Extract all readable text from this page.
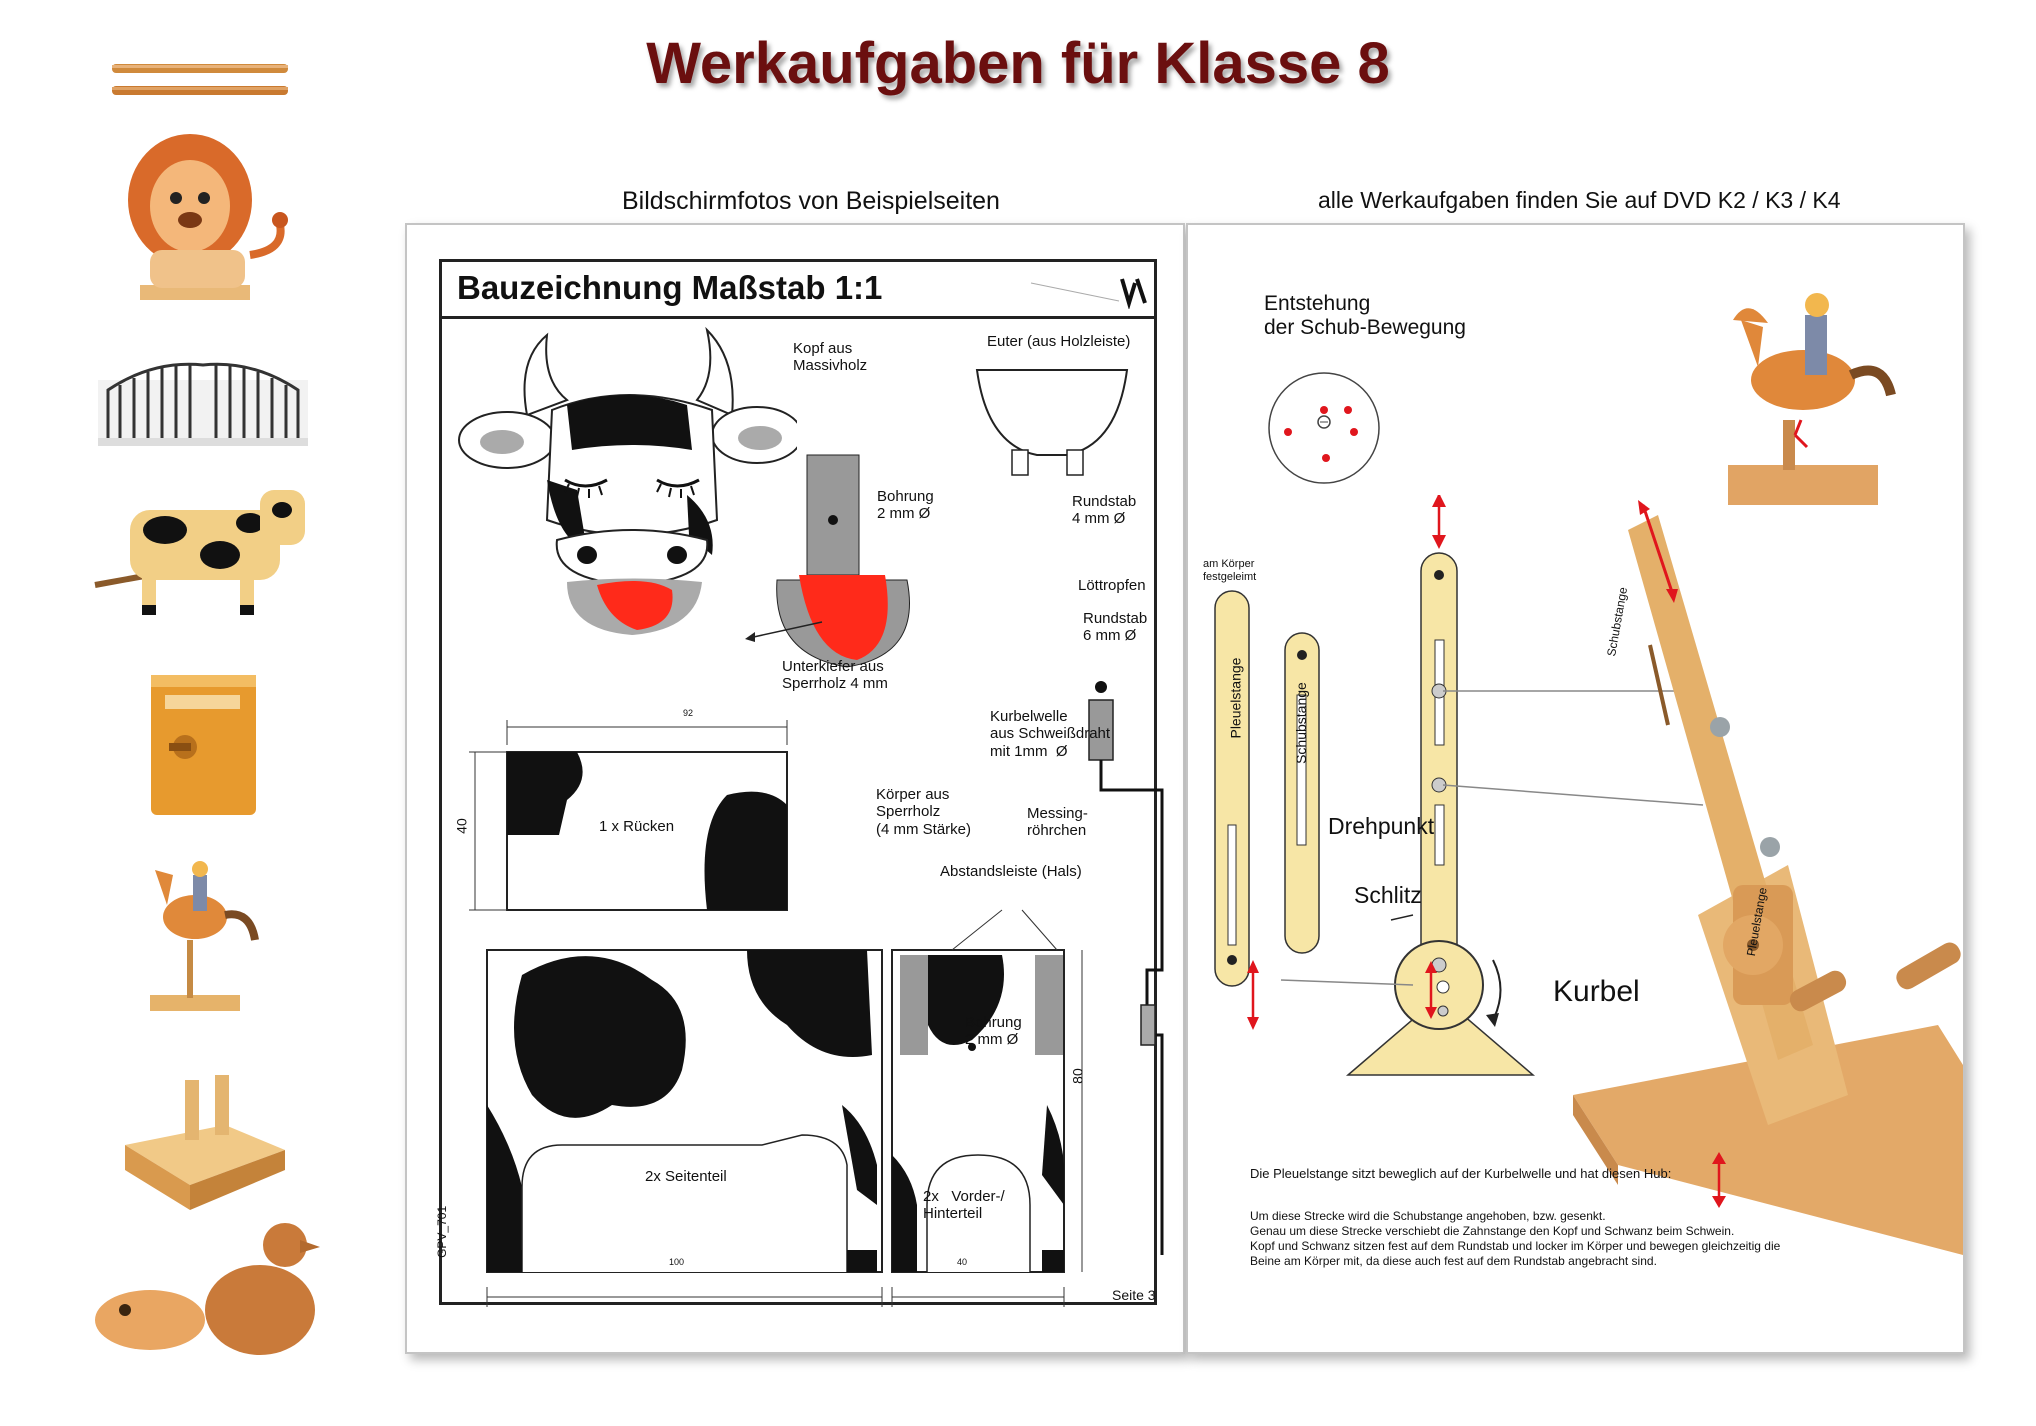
Werkaufgaben für Klasse 8
Bildschirmfotos von Beispielseiten	alle Werkaufgaben finden Sie auf DVD K2 / K3 / K4
Bauzeichnung Maßstab 1:1
Kopf aus
Massivholz
Euter (aus Holzleiste)
Bohrung
2 mm Ø
Rundstab
4 mm Ø
Löttropfen
Rundstab
6 mm Ø
Unterkiefer aus
Sperrholz 4 mm
Kurbelwelle
aus Schweißdraht
mit 1mm  Ø
Körper aus
Sperrholz
(4 mm Stärke)
Messing-
röhrchen
Abstandsleiste (Hals)
1 x Rücken
2x Seitenteil
2x   Vorder-/
Hinterteil
Bohrung
2 mm Ø
92
40
80
100	40
GPV_701
Seite 3
Entstehung
der Schub-Bewegung
am Körper
festgeleimt
Pleuelstange	Schubstange
Drehpunkt
Schlitz
Kurbel
Schubstange
Pleuelstange
Die Pleuelstange sitzt beweglich auf der Kurbelwelle und hat diesen Hub:
Um diese Strecke wird die Schubstange angehoben, bzw. gesenkt.
Genau um diese Strecke verschiebt die Zahnstange den Kopf und Schwanz beim Schwein.
Kopf und Schwanz sitzen fest auf dem Rundstab und locker im Körper und bewegen gleichzeitig die
Beine am Körper mit, da diese auch fest auf dem Rundstab angebracht sind.
